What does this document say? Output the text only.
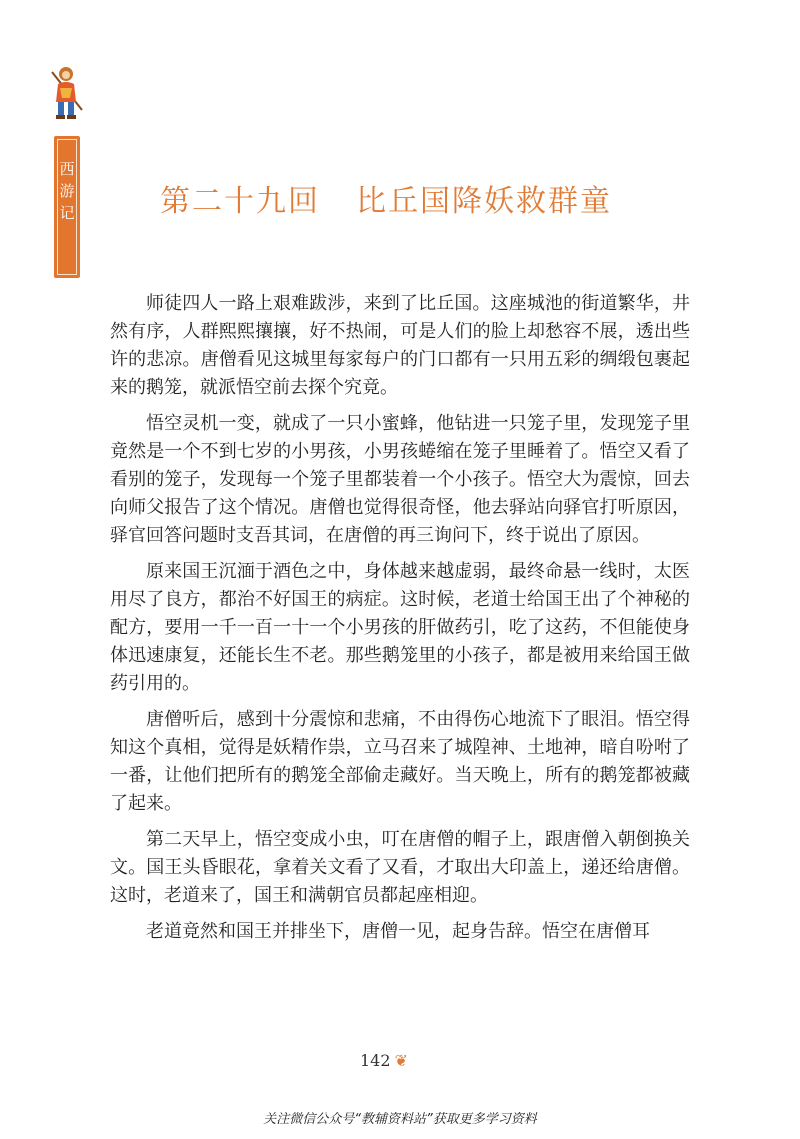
西
游
记	第二十九回 比丘国降妖救群童

师徒四人一路上艰难跋涉，来到了比丘国。这座城池的街道繁华，井然有序，人群熙熙攘攘，好不热闹，可是人们的脸上却愁容不展，透出些许的悲凉。唐僧看见这城里每家每户的门口都有一只用五彩的绸缎包裹起来的鹅笼，就派悟空前去探个究竟。

悟空灵机一变，就成了一只小蜜蜂，他钻进一只笼子里，发现笼子里竟然是一个不到七岁的小男孩，小男孩蜷缩在笼子里睡着了。悟空又看了看别的笼子，发现每一个笼子里都装着一个小孩子。悟空大为震惊，回去向师父报告了这个情况。唐僧也觉得很奇怪，他去驿站向驿官打听原因，驿官回答问题时支吾其词，在唐僧的再三询问下，终于说出了原因。

原来国王沉湎于酒色之中，身体越来越虚弱，最终命悬一线时，太医用尽了良方，都治不好国王的病症。这时候，老道士给国王出了个神秘的配方，要用一千一百一十一个小男孩的肝做药引，吃了这药，不但能使身体迅速康复，还能长生不老。那些鹅笼里的小孩子，都是被用来给国王做药引用的。

唐僧听后，感到十分震惊和悲痛，不由得伤心地流下了眼泪。悟空得知这个真相，觉得是妖精作祟，立马召来了城隍神、土地神，暗自吩咐了一番，让他们把所有的鹅笼全部偷走藏好。当天晚上，所有的鹅笼都被藏了起来。

第二天早上，悟空变成小虫，叮在唐僧的帽子上，跟唐僧入朝倒换关文。国王头昏眼花，拿着关文看了又看，才取出大印盖上，递还给唐僧。这时，老道来了，国王和满朝官员都起座相迎。

老道竟然和国王并排坐下，唐僧一见，起身告辞。悟空在唐僧耳

142 ❦
关注微信公众号“教辅资料站”获取更多学习资料
